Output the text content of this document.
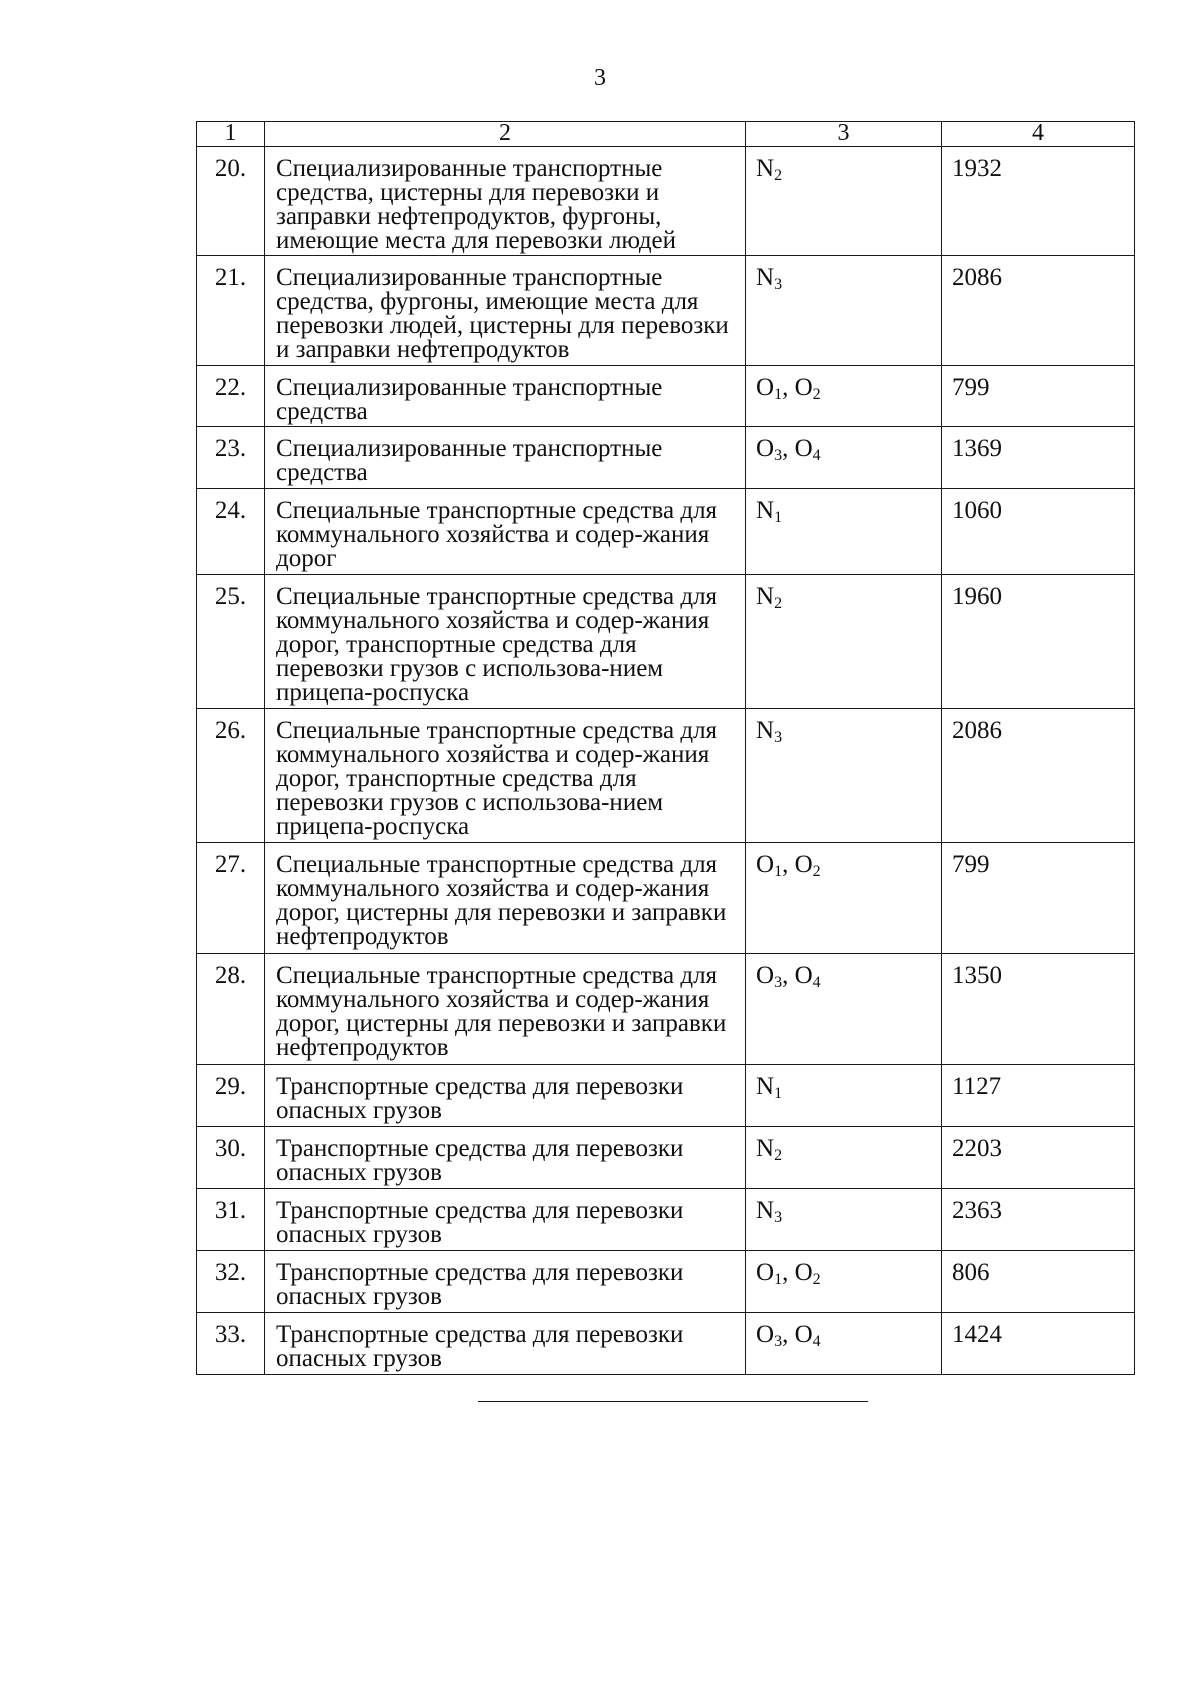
3
1	2	3	4
20.	Специализированные транспортные средства, цистерны для перевозки и заправки нефтепродуктов, фургоны, имеющие места для перевозки людей	$N_2$	1932
21.	Специализированные транспортные средства, фургоны, имеющие места для перевозки людей, цистерны для перевозки и заправки нефтепродуктов	$N_3$	2086
22.	Специализированные транспортные средства	$O_1$, $O_2$	799
23.	Специализированные транспортные средства	$O_3$, $O_4$	1369
24.	Специальные транспортные средства для коммунального хозяйства и содер-жания дорог	$N_1$	1060
25.	Специальные транспортные средства для коммунального хозяйства и содер-жания дорог, транспортные средства для перевозки грузов с использова-нием прицепа-роспуска	$N_2$	1960
26.	Специальные транспортные средства для коммунального хозяйства и содер-жания дорог, транспортные средства для перевозки грузов с использова-нием прицепа-роспуска	$N_3$	2086
27.	Специальные транспортные средства для коммунального хозяйства и содер-жания дорог, цистерны для перевозки и заправки нефтепродуктов	$O_1$, $O_2$	799
28.	Специальные транспортные средства для коммунального хозяйства и содер-жания дорог, цистерны для перевозки и заправки нефтепродуктов	$O_3$, $O_4$	1350
29.	Транспортные средства для перевозки опасных грузов	$N_1$	1127
30.	Транспортные средства для перевозки опасных грузов	$N_2$	2203
31.	Транспортные средства для перевозки опасных грузов	$N_3$	2363
32.	Транспортные средства для перевозки опасных грузов	$O_1$, $O_2$	806
33.	Транспортные средства для перевозки опасных грузов	$O_3$, $O_4$	1424
